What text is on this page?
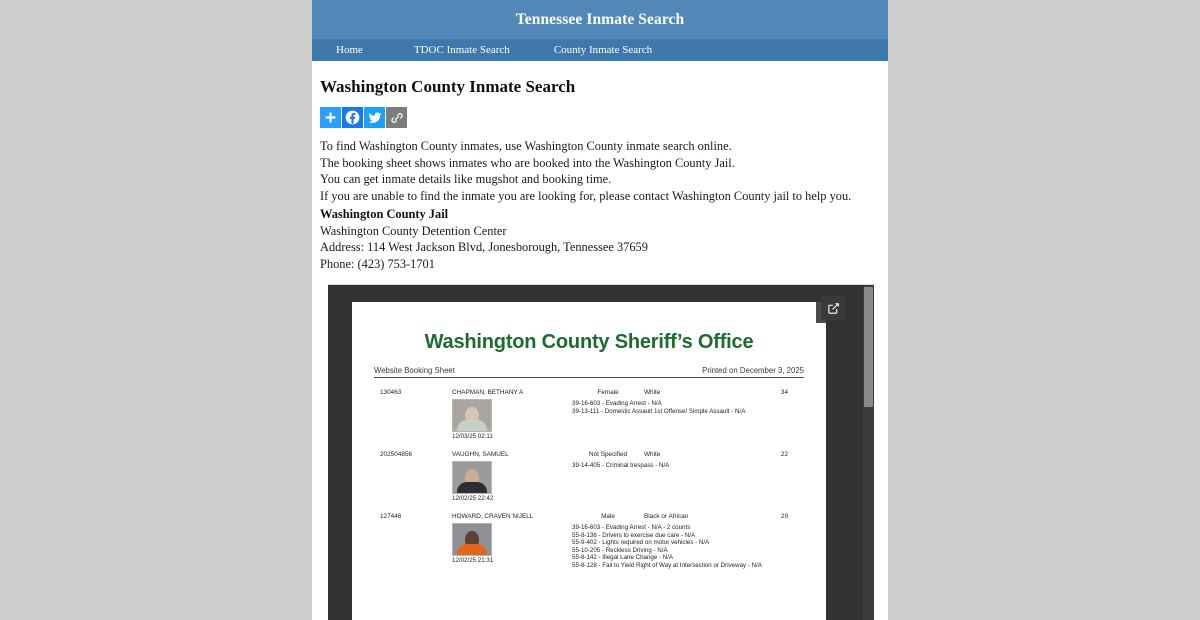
Tennessee Inmate Search
Home	TDOC Inmate Search	County Inmate Search
Washington County Inmate Search

To find Washington County inmates, use Washington County inmate search online.

The booking sheet shows inmates who are booked into the Washington County Jail.

You can get inmate details like mugshot and booking time.

If you are unable to find the inmate you are looking for, please contact Washington County jail to help you.

Washington County Jail

Washington County Detention Center

Address: 114 West Jackson Blvd, Jonesborough, Tennessee 37659

Phone: (423) 753-1701

Washington County Sheriff’s Office
Website Booking Sheet	Printed on December 3, 2025
130463	CHAPMAN, BETHANY A	Female	White	34
12/03/25 02:11
39-16-603 - Evading Arrest - N/A
39-13-111 - Domestic Assault 1st Offense/ Simple Assault - N/A
202504856	VAUGHN, SAMUEL	Not Specified	White	22
12/02/25 22:42
39-14-405 - Criminal trespass - N/A
127446	HOWARD, CRAVEN NIJELL	Male	Black or African	29
12/02/25 21:31
39-16-603 - Evading Arrest - N/A - 2 counts
55-8-136 - Drivers to exercise due care - N/A
55-9-402 - Lights required on motor vehicles - N/A
55-10-205 - Reckless Driving - N/A
55-8-142 - Illegal Lane Change - N/A
55-8-128 - Fail to Yield Right of Way at Intersection or Driveway - N/A
